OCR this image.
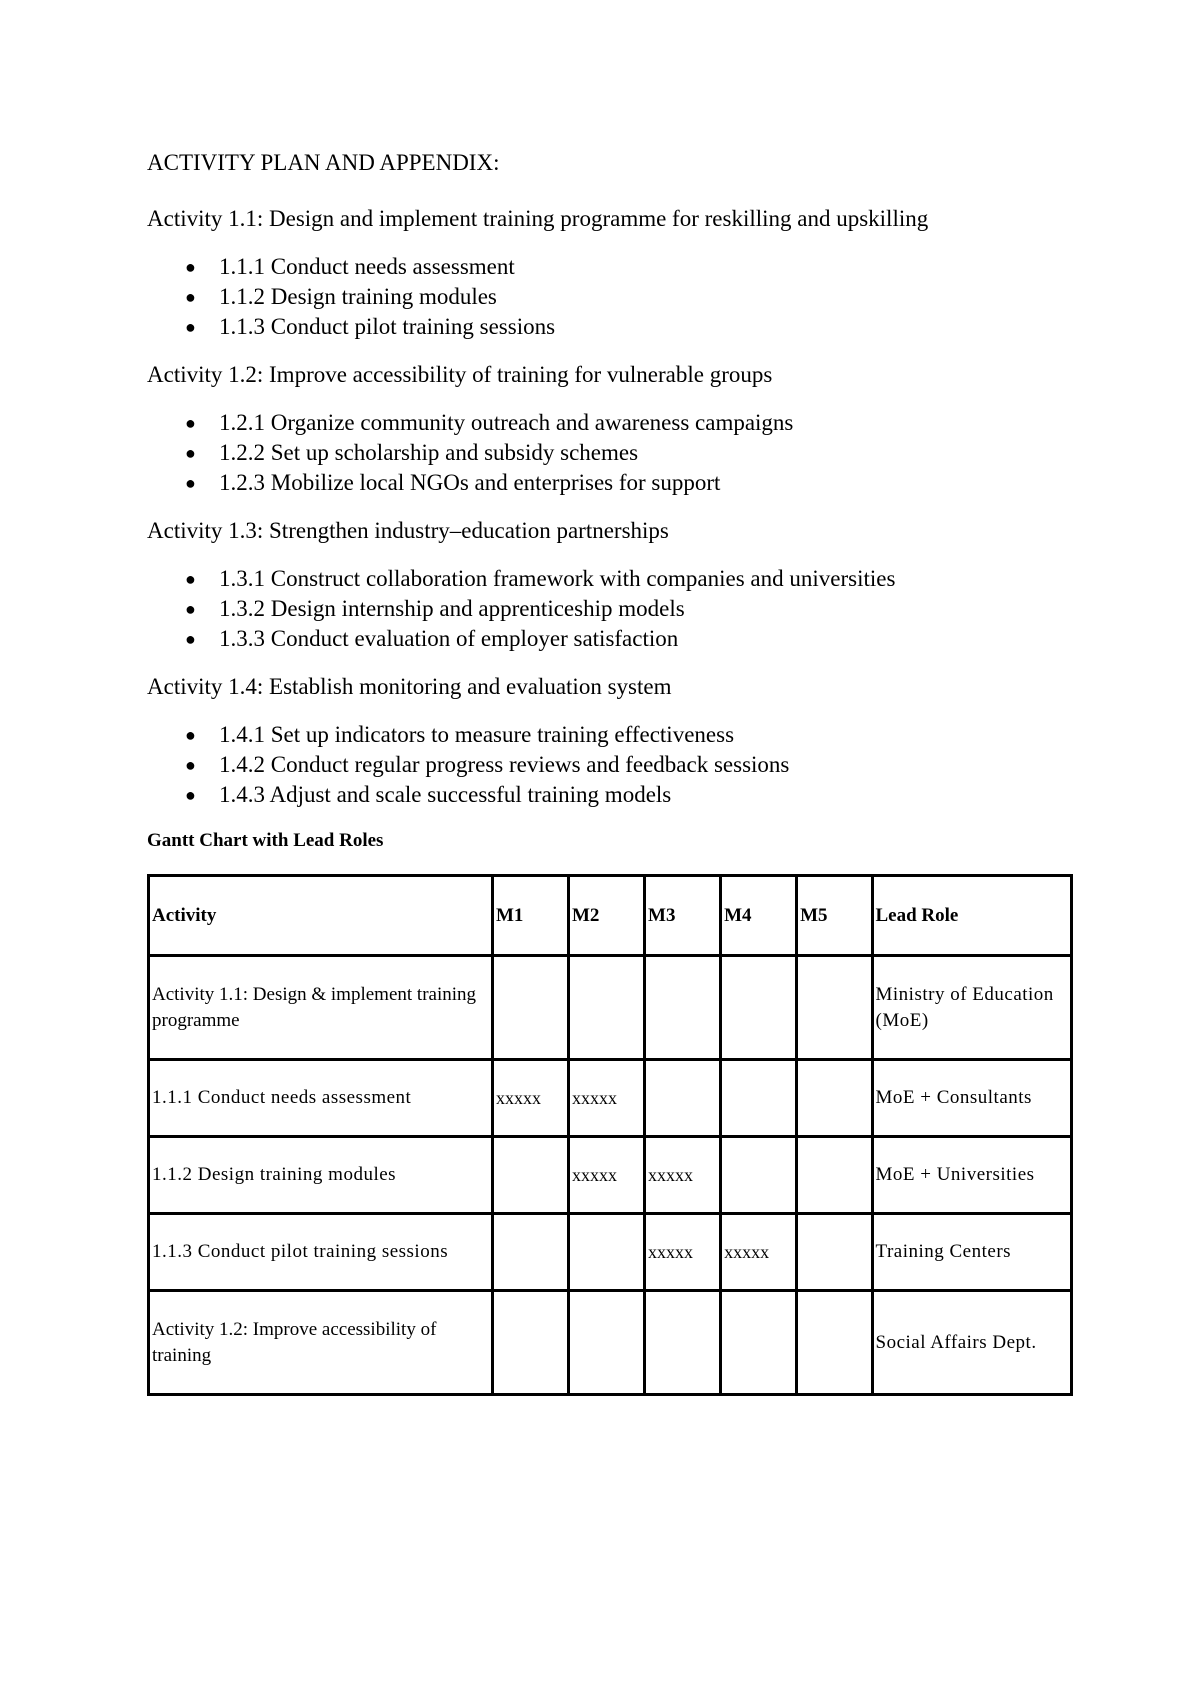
ACTIVITY PLAN AND APPENDIX:

Activity 1.1: Design and implement training programme for reskilling and upskilling

● 1.1.1 Conduct needs assessment
● 1.1.2 Design training modules
● 1.1.3 Conduct pilot training sessions

Activity 1.2: Improve accessibility of training for vulnerable groups

● 1.2.1 Organize community outreach and awareness campaigns
● 1.2.2 Set up scholarship and subsidy schemes
● 1.2.3 Mobilize local NGOs and enterprises for support

Activity 1.3: Strengthen industry–education partnerships

● 1.3.1 Construct collaboration framework with companies and universities
● 1.3.2 Design internship and apprenticeship models
● 1.3.3 Conduct evaluation of employer satisfaction

Activity 1.4: Establish monitoring and evaluation system

● 1.4.1 Set up indicators to measure training effectiveness
● 1.4.2 Conduct regular progress reviews and feedback sessions
● 1.4.3 Adjust and scale successful training models

Gantt Chart with Lead Roles

Activity	M1	M2	M3	M4	M5	Lead Role
Activity 1.1: Design & implement training programme						Ministry of Education (MoE)
1.1.1 Conduct needs assessment	xxxxx	xxxxx				MoE + Consultants
1.1.2 Design training modules		xxxxx	xxxxx			MoE + Universities
1.1.3 Conduct pilot training sessions			xxxxx	xxxxx		Training Centers
Activity 1.2: Improve accessibility of training						Social Affairs Dept.
